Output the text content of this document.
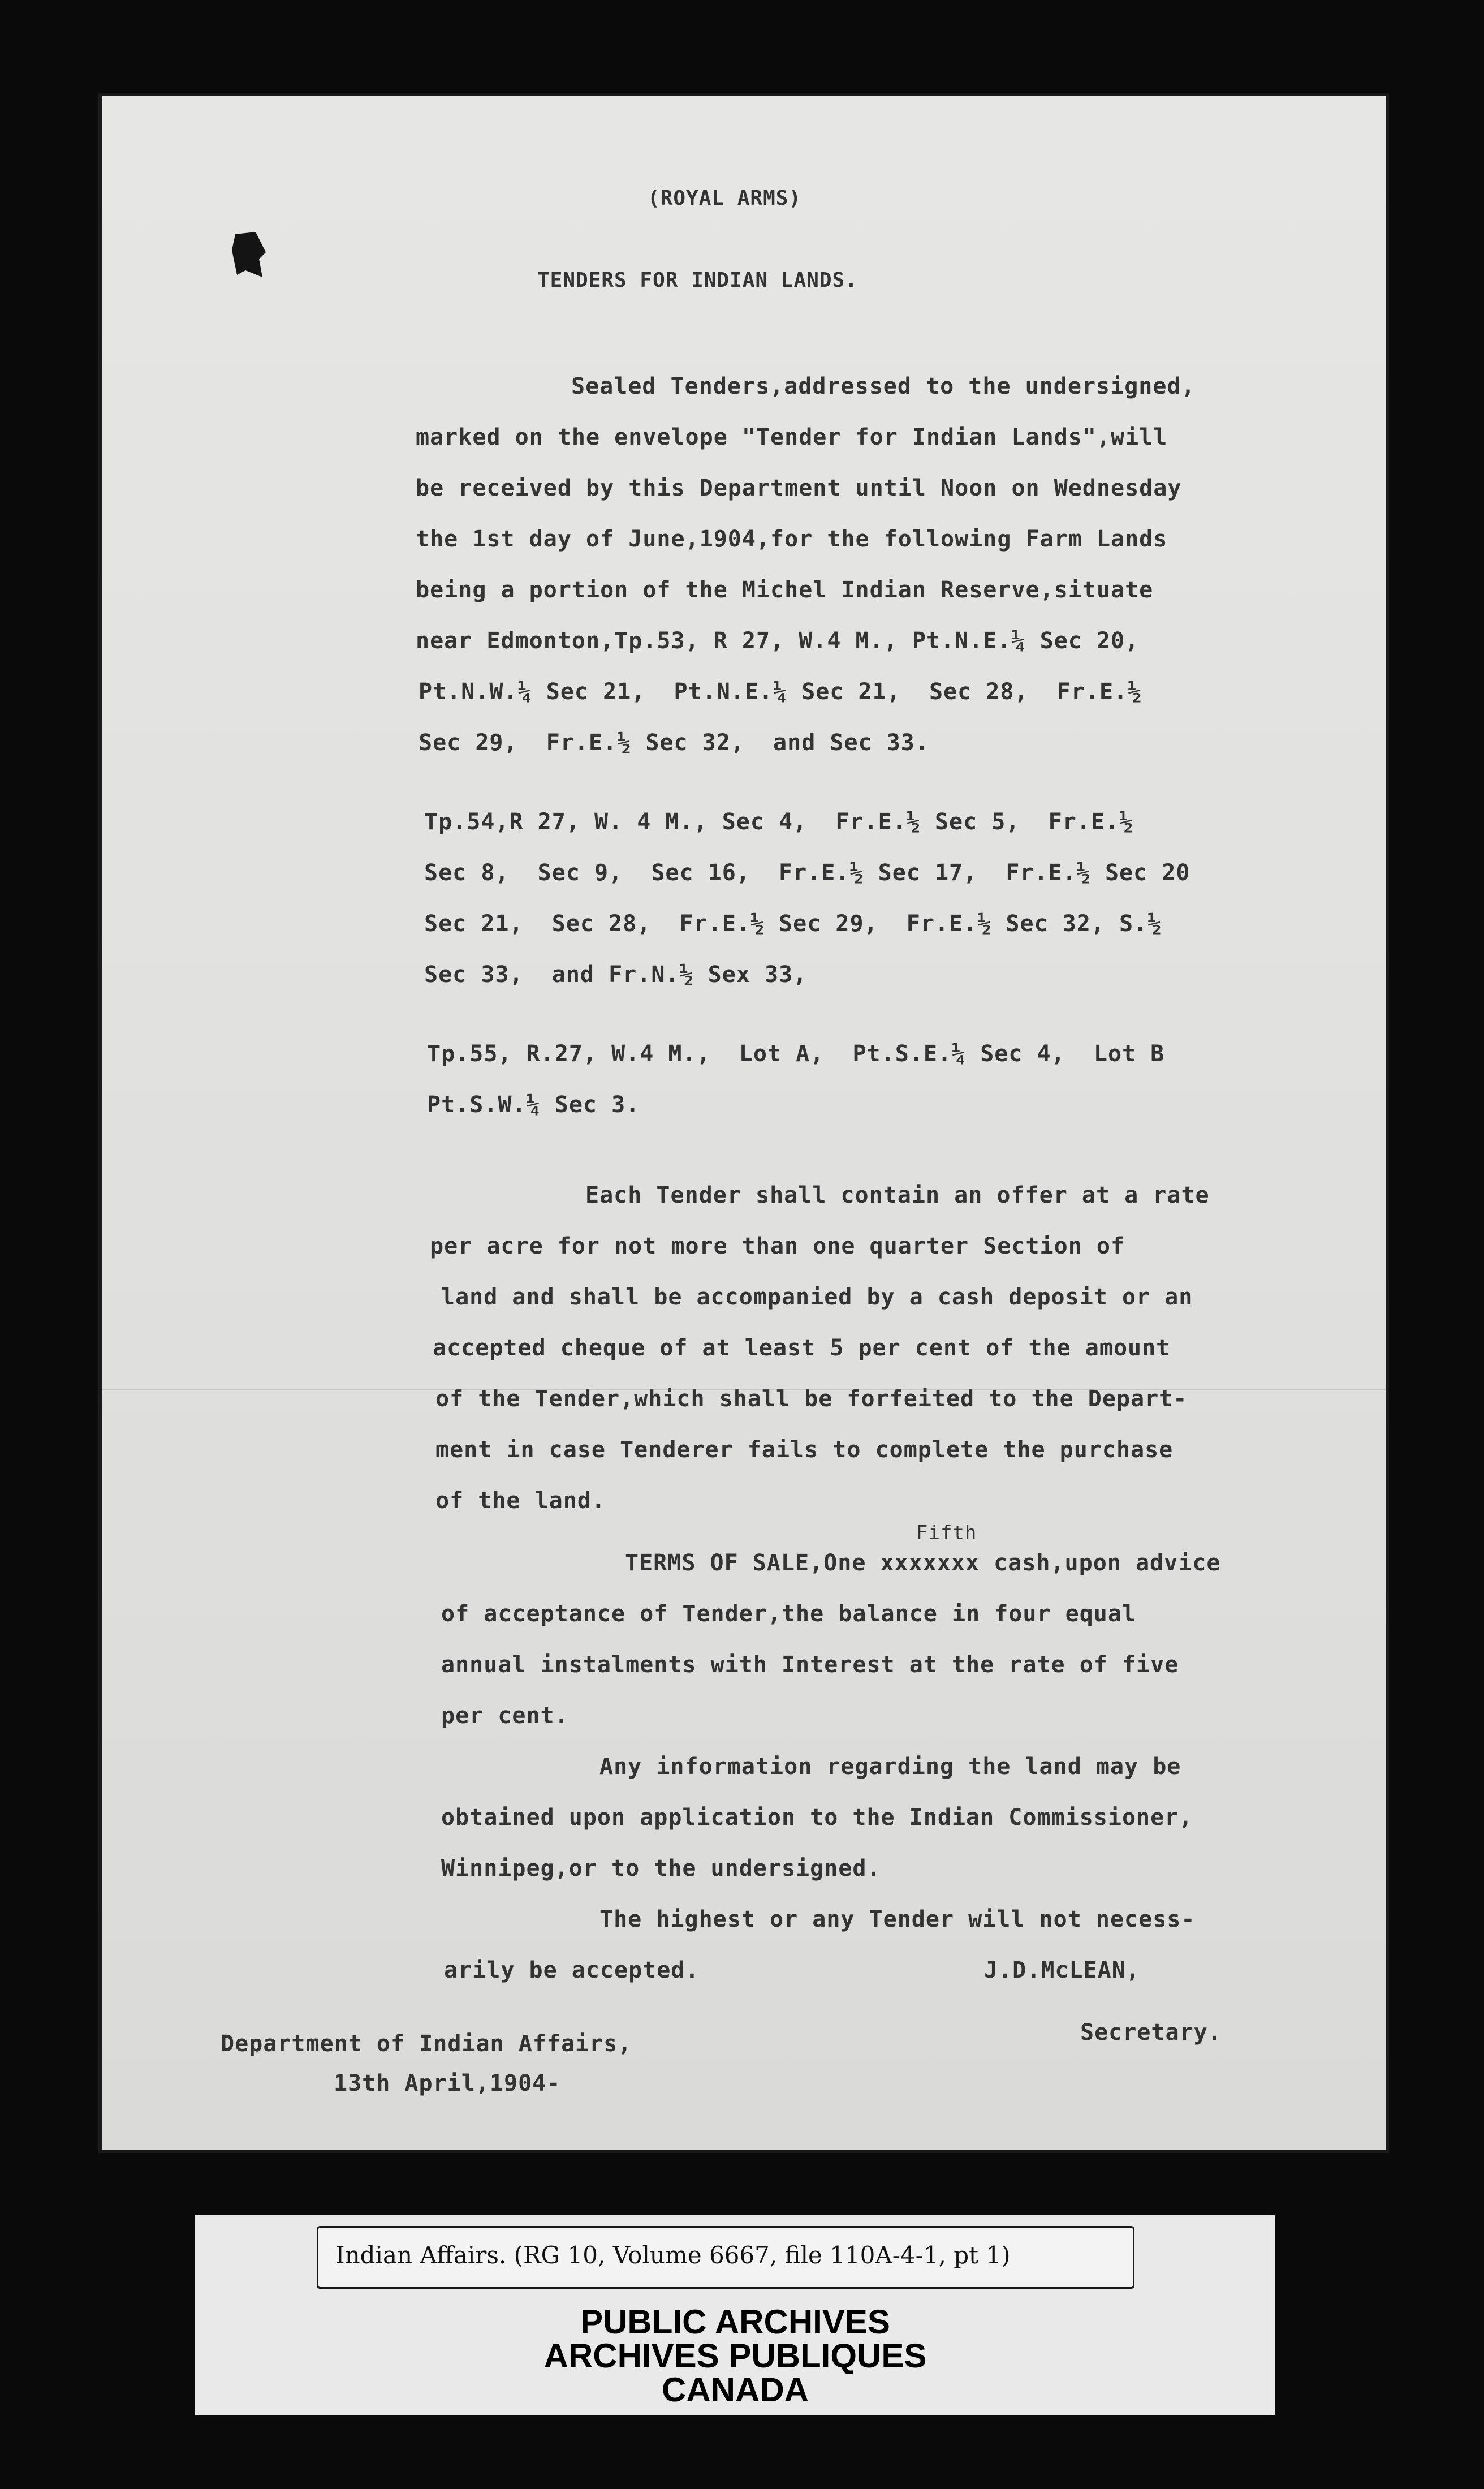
(ROYAL ARMS)
TENDERS FOR INDIAN LANDS.
Sealed Tenders,addressed to the undersigned,
marked on the envelope "Tender for Indian Lands",will
be received by this Department until Noon on Wednesday
the 1st day of June,1904,for the following Farm Lands
being a portion of the Michel Indian Reserve,situate
near Edmonton,Tp.53, R 27, W.4 M., Pt.N.E.¼ Sec 20,
Pt.N.W.¼ Sec 21,  Pt.N.E.¼ Sec 21,  Sec 28,  Fr.E.½
Sec 29,  Fr.E.½ Sec 32,  and Sec 33.
Tp.54,R 27, W. 4 M., Sec 4,  Fr.E.½ Sec 5,  Fr.E.½
Sec 8,  Sec 9,  Sec 16,  Fr.E.½ Sec 17,  Fr.E.½ Sec 20
Sec 21,  Sec 28,  Fr.E.½ Sec 29,  Fr.E.½ Sec 32, S.½
Sec 33,  and Fr.N.½ Sex 33,
Tp.55, R.27, W.4 M.,  Lot A,  Pt.S.E.¼ Sec 4,  Lot B
Pt.S.W.¼ Sec 3.
Each Tender shall contain an offer at a rate
per acre for not more than one quarter Section of
land and shall be accompanied by a cash deposit or an
accepted cheque of at least 5 per cent of the amount
of the Tender,which shall be forfeited to the Depart-
ment in case Tenderer fails to complete the purchase
of the land.
Fifth
TERMS OF SALE,One xxxxxxx cash,upon advice
of acceptance of Tender,the balance in four equal
annual instalments with Interest at the rate of five
per cent.
Any information regarding the land may be
obtained upon application to the Indian Commissioner,
Winnipeg,or to the undersigned.
The highest or any Tender will not necess-
arily be accepted.	J.D.McLEAN,
Secretary.
Department of Indian Affairs,
13th April,1904-
Indian Affairs. (RG 10, Volume 6667, file 110A-4-1, pt 1)
PUBLIC ARCHIVES
ARCHIVES PUBLIQUES
CANADA
